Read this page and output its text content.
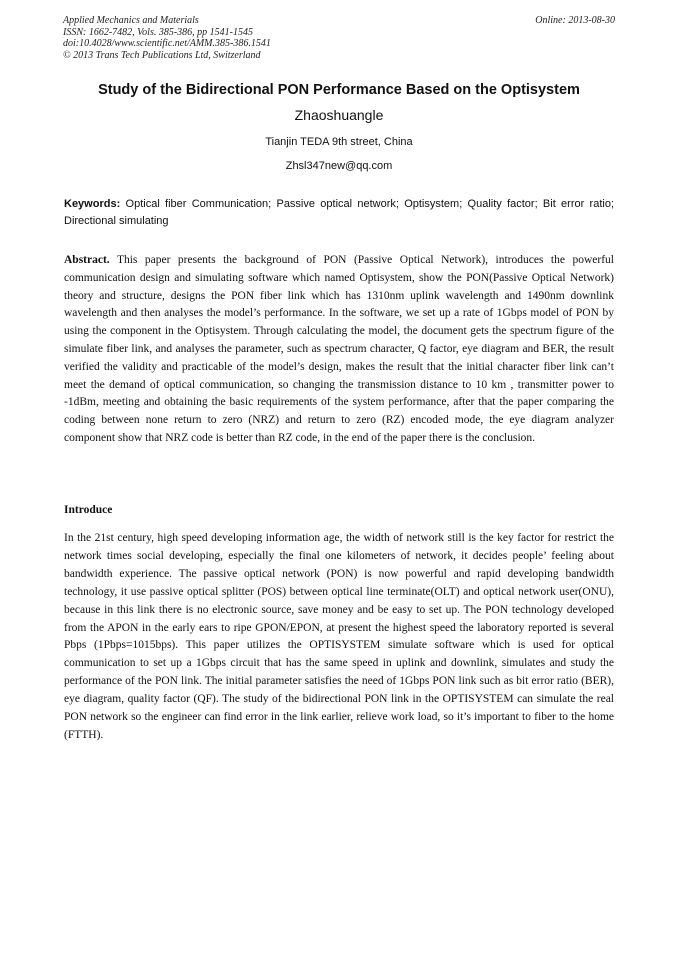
Applied Mechanics and Materials
ISSN: 1662-7482, Vols. 385-386, pp 1541-1545
doi:10.4028/www.scientific.net/AMM.385-386.1541
© 2013 Trans Tech Publications Ltd, Switzerland
Online: 2013-08-30
Study of the Bidirectional PON Performance Based on the Optisystem
Zhaoshuangle
Tianjin TEDA 9th street, China
Zhsl347new@qq.com
Keywords: Optical fiber Communication; Passive optical network; Optisystem; Quality factor; Bit error ratio; Directional simulating
Abstract. This paper presents the background of PON (Passive Optical Network), introduces the powerful communication design and simulating software which named Optisystem, show the PON(Passive Optical Network) theory and structure, designs the PON fiber link which has 1310nm uplink wavelength and 1490nm downlink wavelength and then analyses the model’s performance. In the software, we set up a rate of 1Gbps model of PON by using the component in the Optisystem. Through calculating the model, the document gets the spectrum figure of the simulate fiber link, and analyses the parameter, such as spectrum character, Q factor, eye diagram and BER, the result verified the validity and practicable of the model’s design, makes the result that the initial character fiber link can’t meet the demand of optical communication, so changing the transmission distance to 10 km , transmitter power to -1dBm, meeting and obtaining the basic requirements of the system performance, after that the paper comparing the coding between none return to zero (NRZ) and return to zero (RZ) encoded mode, the eye diagram analyzer component show that NRZ code is better than RZ code, in the end of the paper there is the conclusion.
Introduce
In the 21st century, high speed developing information age, the width of network still is the key factor for restrict the network times social developing, especially the final one kilometers of network, it decides people’ feeling about bandwidth experience. The passive optical network (PON) is now powerful and rapid developing bandwidth technology, it use passive optical splitter (POS) between optical line terminate(OLT) and optical network user(ONU), because in this link there is no electronic source, save money and be easy to set up. The PON technology developed from the APON in the early ears to ripe GPON/EPON, at present the highest speed the laboratory reported is several Pbps (1Pbps=1015bps). This paper utilizes the OPTISYSTEM simulate software which is used for optical communication to set up a 1Gbps circuit that has the same speed in uplink and downlink, simulates and study the performance of the PON link. The initial parameter satisfies the need of 1Gbps PON link such as bit error ratio (BER), eye diagram, quality factor (QF). The study of the bidirectional PON link in the OPTISYSTEM can simulate the real PON network so the engineer can find error in the link earlier, relieve work load, so it’s important to fiber to the home (FTTH).
